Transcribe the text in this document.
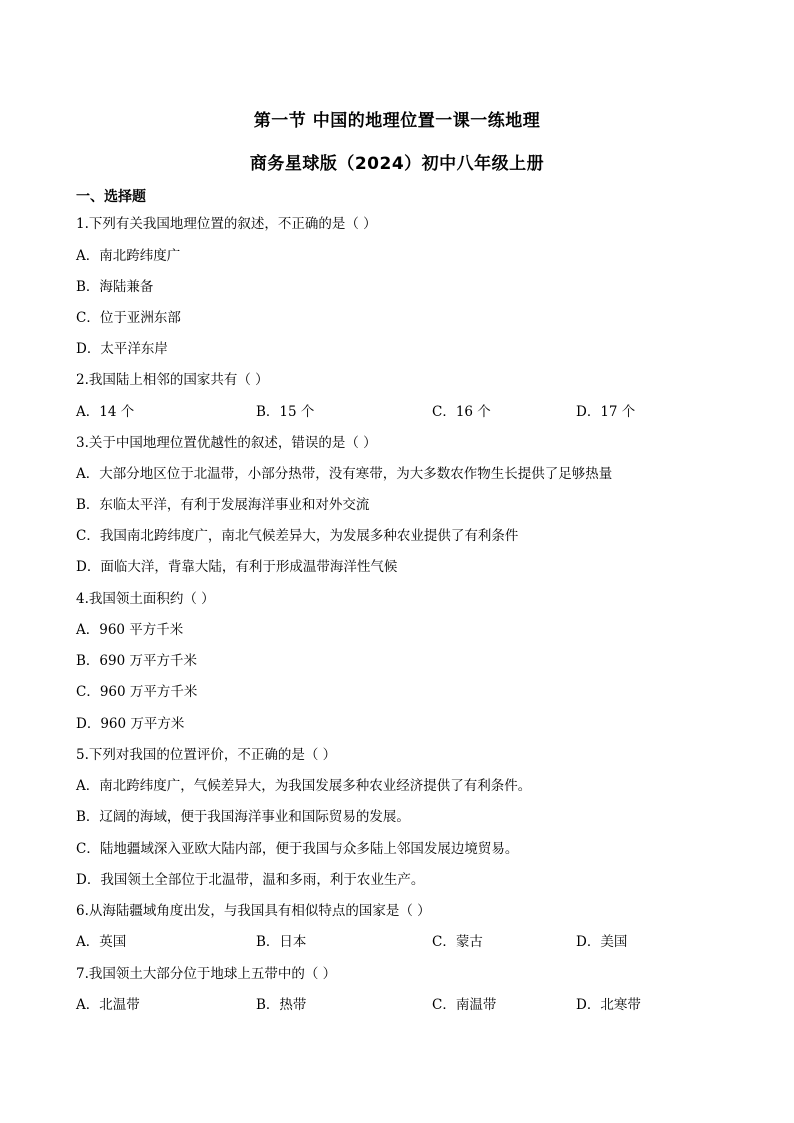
第一节 中国的地理位置一课一练地理
商务星球版（2024）初中八年级上册
一、选择题
1.下列有关我国地理位置的叙述，不正确的是（ ）
A．南北跨纬度广
B．海陆兼备
C．位于亚洲东部
D．太平洋东岸
2.我国陆上相邻的国家共有（ ）
A．14 个	B．15 个	C．16 个	D．17 个
3.关于中国地理位置优越性的叙述，错误的是（ ）
A．大部分地区位于北温带，小部分热带，没有寒带，为大多数农作物生长提供了足够热量
B．东临太平洋，有利于发展海洋事业和对外交流
C．我国南北跨纬度广，南北气候差异大，为发展多种农业提供了有利条件
D．面临大洋，背靠大陆，有利于形成温带海洋性气候
4.我国领土面积约（ ）
A．960 平方千米
B．690 万平方千米
C．960 万平方千米
D．960 万平方米
5.下列对我国的位置评价，不正确的是（ ）
A．南北跨纬度广，气候差异大，为我国发展多种农业经济提供了有利条件。
B．辽阔的海域，便于我国海洋事业和国际贸易的发展。
C．陆地疆域深入亚欧大陆内部，便于我国与众多陆上邻国发展边境贸易。
D．我国领土全部位于北温带，温和多雨，利于农业生产。
6.从海陆疆域角度出发，与我国具有相似特点的国家是（ ）
A．英国	B．日本	C．蒙古	D．美国
7.我国领土大部分位于地球上五带中的（ ）
A．北温带	B．热带	C．南温带	D．北寒带
